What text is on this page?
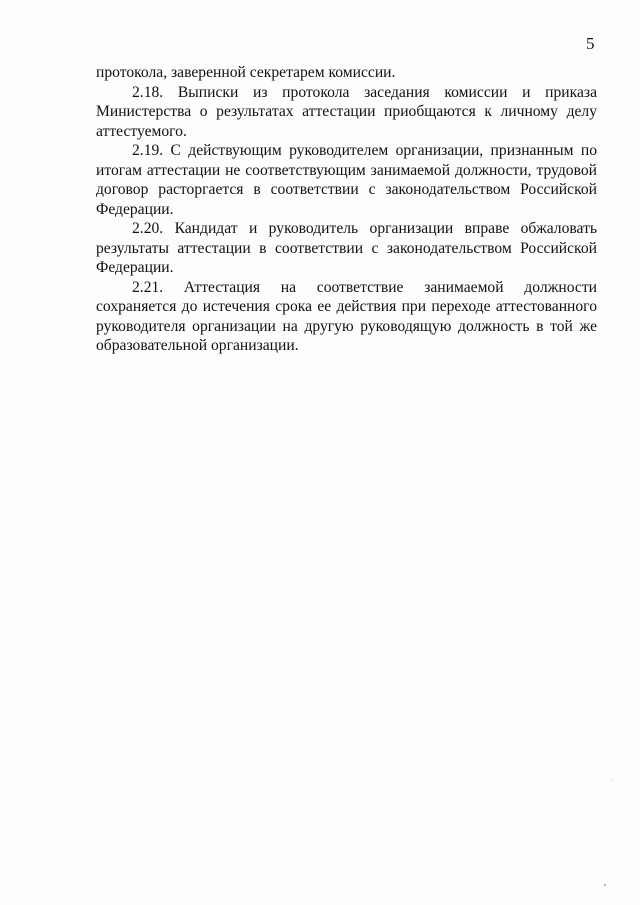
5

протокола, заверенной секретарем комиссии.

2.18. Выписки из протокола заседания комиссии и приказа Министерства о результатах аттестации приобщаются к личному делу аттестуемого.

2.19. С действующим руководителем организации, признанным по итогам аттестации не соответствующим занимаемой должности, трудовой договор расторгается в соответствии с законодательством Российской Федерации.

2.20. Кандидат и руководитель организации вправе обжаловать результаты аттестации в соответствии с законодательством Российской Федерации.

2.21. Аттестация на соответствие занимаемой должности сохраняется до истечения срока ее действия при переходе аттестованного руководителя организации на другую руководящую должность в той же образовательной организации.
